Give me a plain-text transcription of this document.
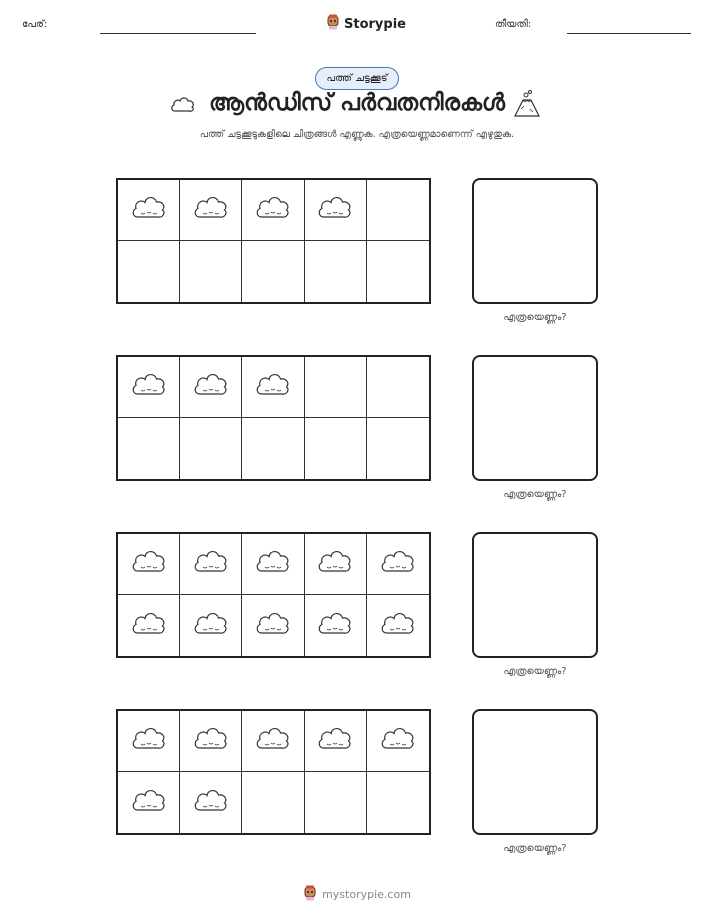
പേര്:	Storypie	തീയതി:
പത്ത് ചട്ടക്കൂട്
ആൻഡിസ് പർവതനിരകൾ
പത്ത് ചട്ടക്കൂടുകളിലെ ചിത്രങ്ങൾ എണ്ണുക. എത്രയെണ്ണമാണെന്ന് എഴുതുക.
എത്രയെണ്ണം?
എത്രയെണ്ണം?
എത്രയെണ്ണം?
എത്രയെണ്ണം?
mystorypie.com
